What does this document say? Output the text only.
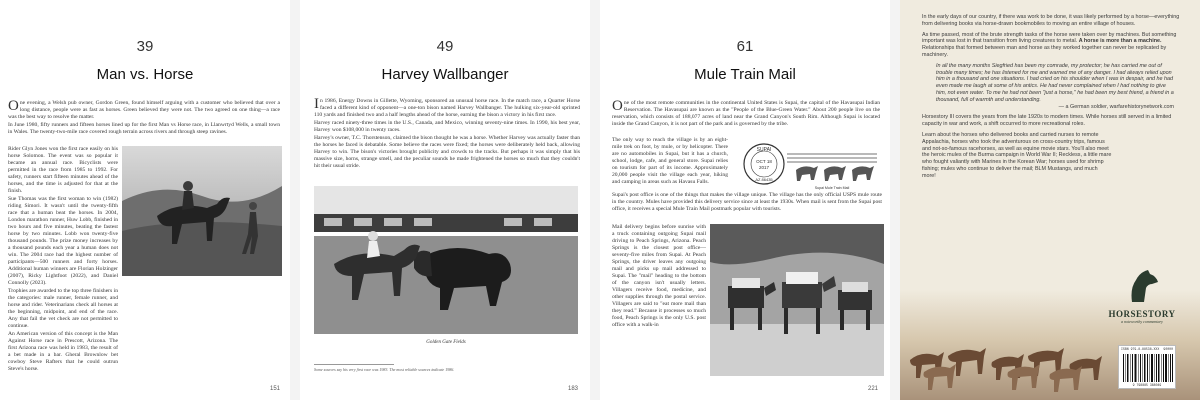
39
Man vs. Horse

One evening, a Welsh pub owner, Gordon Green, found himself arguing with a customer who believed that over a long distance, people were as fast as horses. Green believed they were not. The two agreed on one thing—a race was the best way to resolve the matter.

In June 1980, fifty runners and fifteen horses lined up for the first Man vs Horse race, in Llanwrtyd Wells, a small town in Wales. The twenty-two-mile race covered rough terrain across rivers and through steep ravines.

Rider Glyn Jones won the first race easily on his horse Solomon. The event was so popular it became an annual race. Bicyclists were permitted in the race from 1985 to 1992. For safety, runners start fifteen minutes ahead of the horses, and the time is adjusted for that at the finish.

Sue Thomas was the first woman to win (1982) riding Simori. It wasn't until the twenty-fifth race that a human beat the horses. In 2004, London marathon runner, Huw Lobb, finished in two hours and five minutes, beating the fastest horse by two minutes. Lobb won twenty-five thousand pounds. The prize money increases by a thousand pounds each year a human does not win. The 2004 race had the highest number of participants—500 runners and forty horses. Additional human winners are Florian Holzinger (2007), Ricky Lightfoot (2022), and Daniel Connolly (2023).

Trophies are awarded to the top three finishers in the categories: male runner, female runner, and horse and rider. Veterinarians check all horses at the beginning, midpoint, and end of the race. Any that fail the vet check are not permitted to continue.

An American version of this concept is the Man Against Horse race in Prescott, Arizona. The first Arizona race was held in 1983, the result of a bet made in a bar. Gheral Brownlow bet cowboy Steve Rafters that he could outrun Steve's horse.

151
49
Harvey Wallbanger

In 1986, Energy Downs in Gillette, Wyoming, sponsored an unusual horse race. In the match race, a Quarter Horse faced a different kind of opponent—a one-ton bison named Harvey Wallbanger. The hulking six-year-old sprinted 110 yards and finished two and a half lengths ahead of the horse, earning the bison a victory in his first race.

Harvey raced ninety-three times in the U.S., Canada, and Mexico, winning seventy-nine times. In 1990, his best year, Harvey won $108,000 in twenty races.

Harvey's owner, T.C. Thorstenson, claimed the bison thought he was a horse. Whether Harvey was actually faster than the horses he faced is debatable. Some believe the races were fixed; the horses were deliberately held back, allowing Harvey to win. The bison's victories brought publicity and crowds to the tracks. But perhaps it was simply that his massive size, horns, strange smell, and the peculiar sounds he made frightened the horses so much that they couldn't hit their usual stride.

Golden Gate Fields
Some sources say his very first race was 1983. The most reliable sources indicate 1986.
183
61
Mule Train Mail

One of the most remote communities in the continental United States is Supai, the capital of the Havasupai Indian Reservation. The Havasupai are known as the "People of the Blue-Green Water." About 200 people live on the reservation, which consists of 188,077 acres of land near the Grand Canyon's South Rim. Although Supai is located inside the Grand Canyon, it is not part of the park and is governed by the tribe.

The only way to reach the village is by an eight-mile trek on foot, by mule, or by helicopter. There are no automobiles in Supai, but it has a church, school, lodge, cafe, and general store. Supai relies on tourism for part of its income. Approximately 20,000 people visit the village each year, hiking and camping in areas such as Havasu Falls.

SUPAI
OCT 18
2017
AZ 86435
Supai Mule Train Mail

Supai's post office is one of the things that makes the village unique. The village has the only official USPS mule route in the country. Mules have provided this delivery service since at least the 1930s. When mail is sent from the Supai post office, it receives a special Mule Train Mail postmark popular with tourists.

Mail delivery begins before sunrise with a truck containing outgoing Supai mail driving to Peach Springs, Arizona. Peach Springs is the closest post office—seventy-five miles from Supai. At Peach Springs, the driver leaves any outgoing mail and picks up mail addressed to Supai. The "mail" heading to the bottom of the canyon isn't usually letters. Villagers receive food, medicine, and other supplies through the postal service. Villagers are said to "eat more mail than they read." Because it processes so much food, Peach Springs is the only U.S. post office with a walk-in

221

In the early days of our country, if there was work to be done, it was likely performed by a horse—everything from delivering books via horse-drawn bookmobiles to moving an entire village of houses.

As time passed, most of the brute strength tasks of the horse were taken over by machines. But something important was lost in that transition from living creatures to metal. A horse is more than a machine. Relationships that formed between man and horse as they worked together can never be replicated by machinery.

In all the many months Siegfried has been my comrade, my protector; he has carried me out of trouble many times; he has listened for me and warned me of any danger. I had always relied upon him in a thousand and one situations. I had cried on his shoulder when I was in despair, and he had even made me laugh at some of his antics. He had never complained when I had nothing to give him, not even water. To me he had not been "just a horse," he had been my best friend, a friend in a thousand, full of warmth and understanding.
— a German soldier, warfarehistorynetwork.com

Horsestory III covers the years from the late 1920s to modern times. While horses still served in a limited capacity in war and work, a shift occurred to more recreational roles.

Learn about the horses who delivered books and carried nurses to remote Appalachia, horses who took the adventurous on cross-country trips, famous and not-so-famous racehorses, as well as equine movie stars. You'll also meet the heroic mules of the Burma campaign in World War II; Reckless, a little mare who fought valiantly with Marines in the Korean War; horses used for shrimp fishing; mules who continue to deliver the mail; BLM Mustangs, and much more!

HORSESTORY
a noteworthy commentary
ISBN 979-8-88538-XXX	90000
9 798885 388049
